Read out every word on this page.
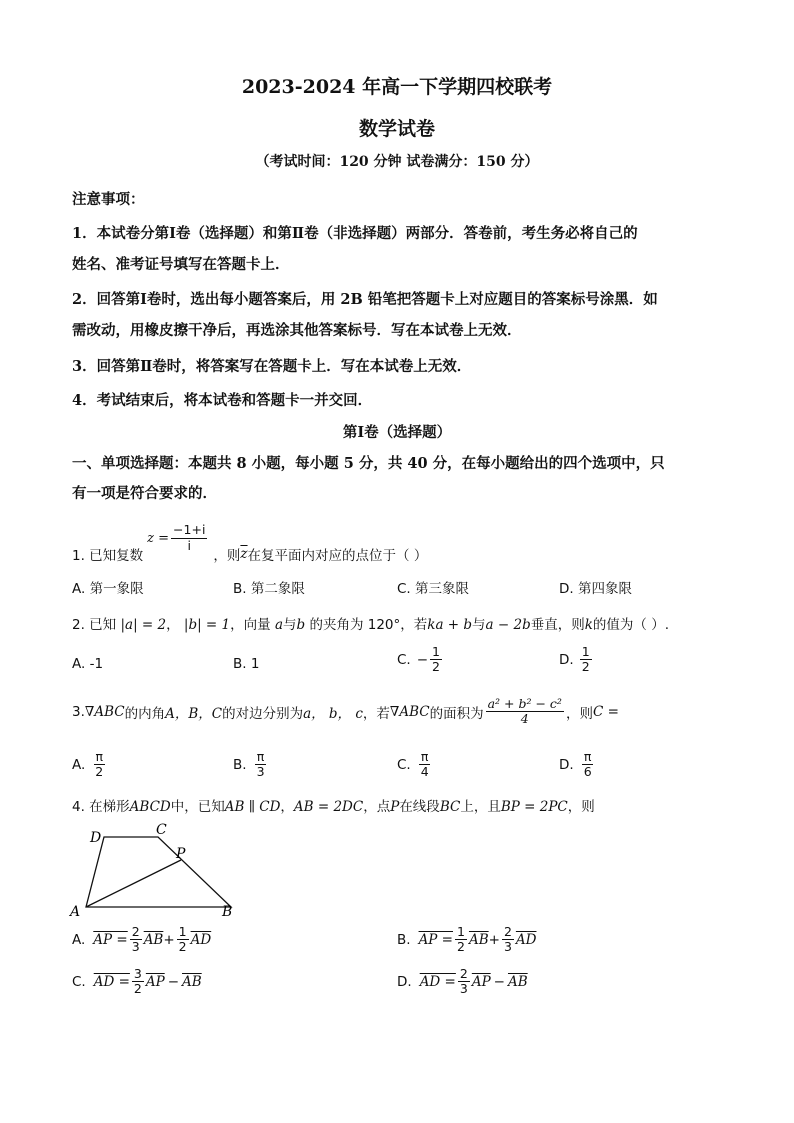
2023-2024 年高一下学期四校联考
数学试卷
（考试时间：120 分钟 试卷满分：150 分）
注意事项：
1．本试卷分第Ⅰ卷（选择题）和第Ⅱ卷（非选择题）两部分．答卷前，考生务必将自己的
姓名、准考证号填写在答题卡上．
2．回答第Ⅰ卷时，选出每小题答案后，用 2B 铅笔把答题卡上对应题目的答案标号涂黑．如
需改动，用橡皮擦干净后，再选涂其他答案标号．写在本试卷上无效．
3．回答第Ⅱ卷时，将答案写在答题卡上．写在本试卷上无效．
4．考试结束后，将本试卷和答题卡一并交回．
第Ⅰ卷（选择题）
一、单项选择题：本题共 8 小题，每小题 5 分，共 40 分，在每小题给出的四个选项中，只
有一项是符合要求的．
1. 已知复数
$z = \frac{-1+i}{i}$
，则 $\overline{z}$ 在复平面内对应的点位于（ ）
A. 第一象限	B. 第二象限	C. 第三象限	D. 第四象限
2. 已知 |a| = 2， |b| = 1，向量 a与b 的夹角为 120°，若ka + b与a − 2b垂直，则k的值为（ ）.
A. -1	B. 1	C. − $\frac{1}{2}$	D. $\frac{1}{2}$
3. ∇ABC 的内角 A，B，C 的对边分别为 a， b， c ，若 ∇ABC 的面积为 $\frac{\text{a² + b² − c²}}{4}$ ，则 C =
A. $\frac{\pi}{2}$	B. $\frac{\pi}{3}$	C. $\frac{\pi}{4}$	D. $\frac{\pi}{6}$
4. 在梯形ABCD中，已知AB ∥ CD，AB = 2DC，点P在线段BC上，且BP = 2PC，则
A	B
C
D
P
A. AP = $\frac{2}{3} \overline{AB} + \frac{1}{2} \overline{AD}$	B. AP = $\frac{1}{2} \overline{AB} + \frac{2}{3} \overline{AD}$
C. AD = $\frac{3}{2} \overline{AP} - \overline{AB}$	D. AD = $\frac{2}{3} \overline{AP} - \overline{AB}$
